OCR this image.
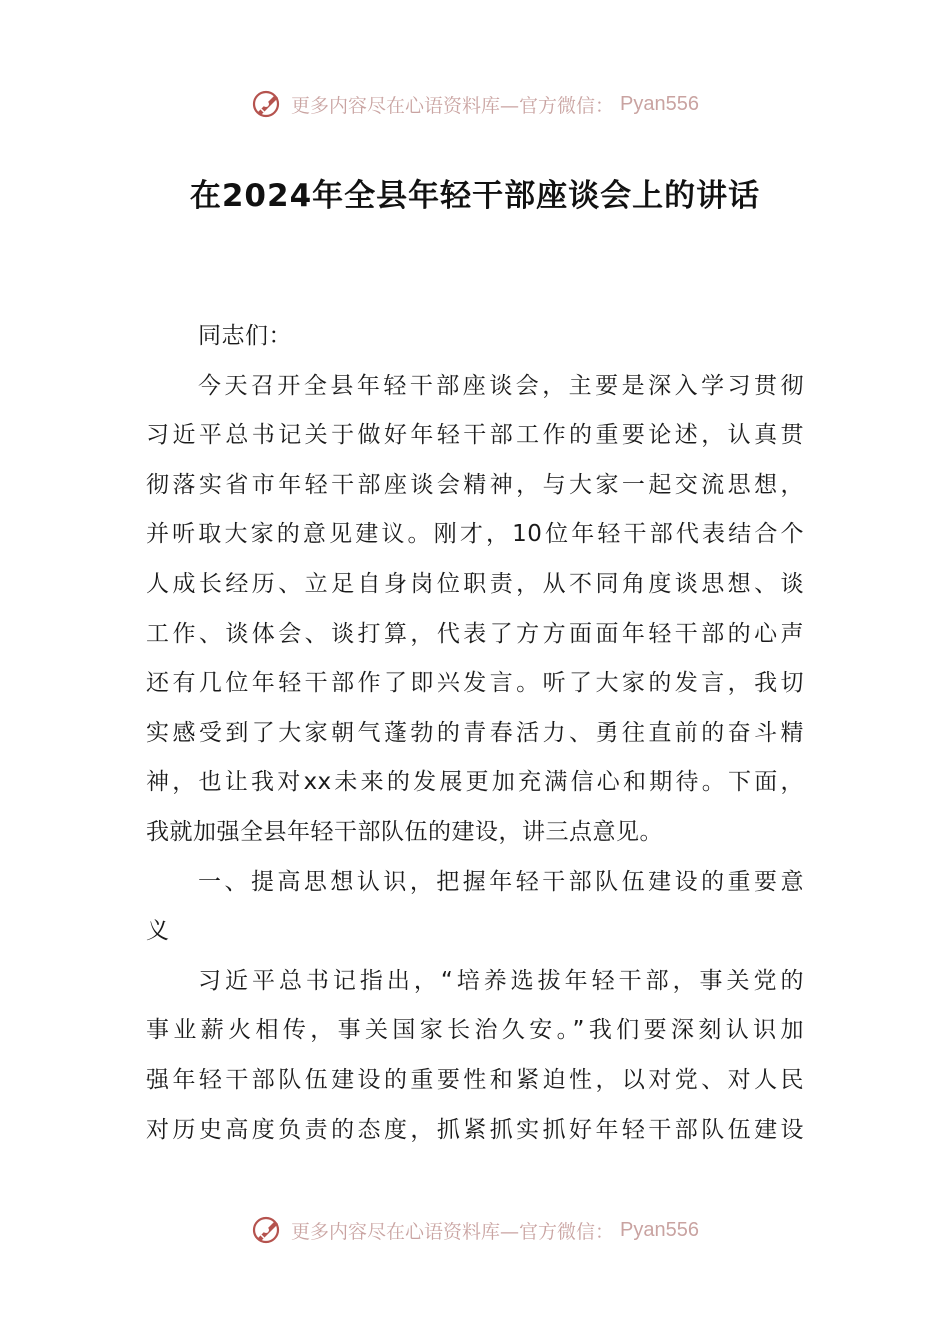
更多内容尽在心语资料库—官方微信： Pyan556
在2024年全县年轻干部座谈会上的讲话
同志们：
今天召开全县年轻干部座谈会，主要是深入学习贯彻
习近平总书记关于做好年轻干部工作的重要论述，认真贯
彻落实省市年轻干部座谈会精神，与大家一起交流思想，
并听取大家的意见建议。刚才，10位年轻干部代表结合个
人成长经历、立足自身岗位职责，从不同角度谈思想、谈
工作、谈体会、谈打算，代表了方方面面年轻干部的心声
还有几位年轻干部作了即兴发言。听了大家的发言，我切
实感受到了大家朝气蓬勃的青春活力、勇往直前的奋斗精
神，也让我对xx未来的发展更加充满信心和期待。下面，
我就加强全县年轻干部队伍的建设，讲三点意见。
一、提高思想认识，把握年轻干部队伍建设的重要意
义
习近平总书记指出，“培养选拔年轻干部，事关党的
事业薪火相传，事关国家长治久安。”我们要深刻认识加
强年轻干部队伍建设的重要性和紧迫性，以对党、对人民
对历史高度负责的态度，抓紧抓实抓好年轻干部队伍建设
更多内容尽在心语资料库—官方微信： Pyan556
